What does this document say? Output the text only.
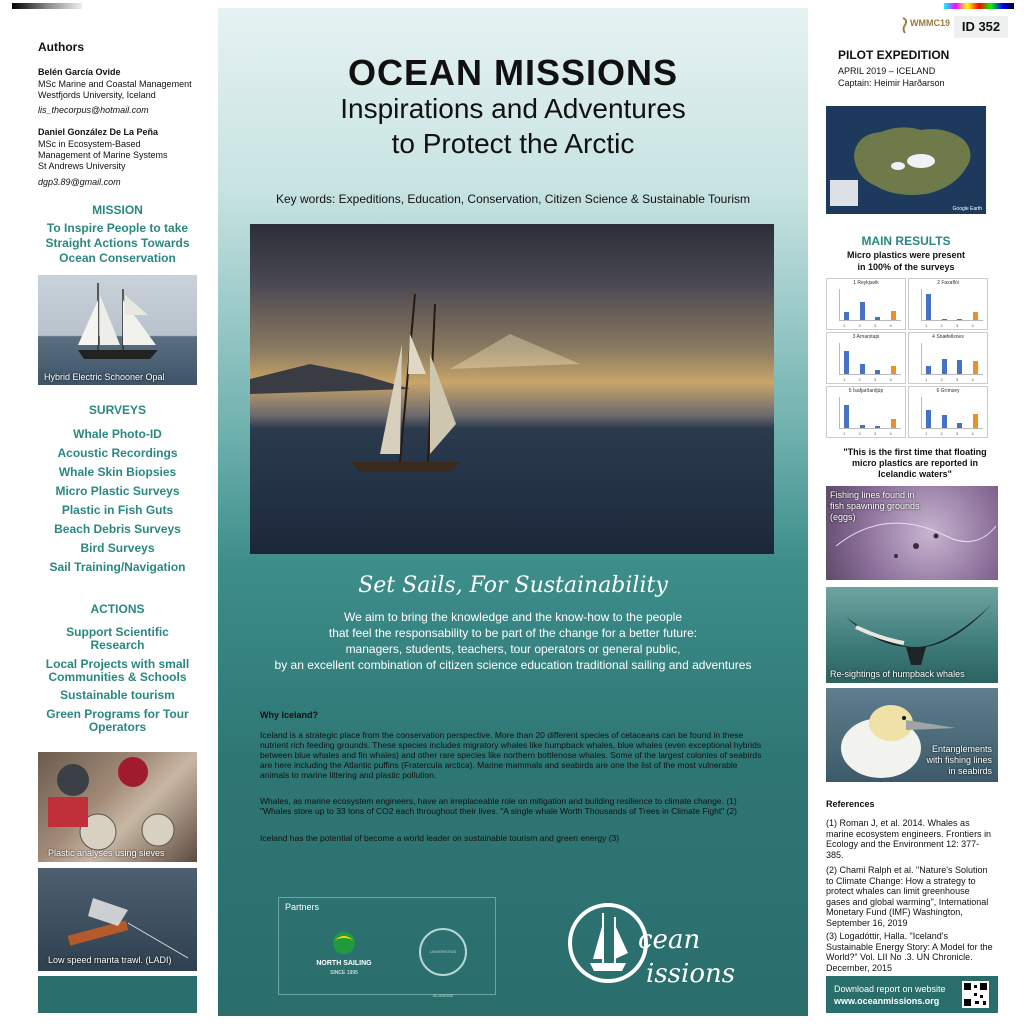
Authors
Belén García Ovide
MSc Marine and Coastal Management
Westfjords University, Iceland
lis_thecorpus@hotmail.com
Daniel González De La Peña
MSc in Ecosystem-Based
Management of Marine Systems
St Andrews University
dgp3.89@gmail.com
MISSION
To Inspire People to take Straight Actions Towards Ocean Conservation
Hybrid Electric Schooner Opal
SURVEYS
Whale Photo-ID
Acoustic Recordings
Whale Skin Biopsies
Micro Plastic Surveys
Plastic in Fish Guts
Beach Debris Surveys
Bird Surveys
Sail Training/Navigation
ACTIONS
Support Scientific Research
Local Projects with small Communities & Schools
Sustainable tourism
Green Programs for Tour Operators
Plastic analyses using sieves
Low speed manta trawl. (LADI)
OCEAN MISSIONS
Inspirations and Adventures
to Protect the Arctic
Key words: Expeditions, Education, Conservation, Citizen Science & Sustainable Tourism
Set Sails, For Sustainability
We aim to bring the knowledge and the know-how to the people
that feel the responsability to be part of the change for a better future:
managers, students, teachers, tour operators or general public,
by an excellent combination of citizen science education traditional sailing and adventures
Why Iceland?
Iceland is a strategic place from the conservation perspective. More than 20 different species of cetaceans can be found in these nutrient rich feeding grounds. These species includes migratory whales like humpback whales, blue whales (even exceptional hybrids between blue whales and fin whales) and other rare species like northern bottlenose whales. Some of the largest colonies of seabirds are here including the Atlantic puffins (Fratercula arctica). Marine mammals and seabirds are one the list of the most vulnerable animals to marine littering and plastic pollution.
Whales, as marine ecosystem engineers, have an irreplaceable role on mitigation and building resilience to climate change. (1) "Whales store up to 33 tons of CO2 each throughout their lives. "A single whale Worth Thousands of Trees in Climate Fight" (2)
Iceland has the potential of become a world leader on sustainable tourism and green energy (3)
Partners
NORTH SAILING
SINCE 1995
UNIVERSITAS ISLANDIAE
cean
issions
WMMC19 ID 352
PILOT EXPEDITION
APRIL 2019 – ICELAND
Captain: Heimir Harðarson
Google Earth
MAIN RESULTS
Micro plastics were present
in 100% of the surveys
1 Reykjavik
1	2	3	4
2 Faxaflói
1	2	3	4
3 Arnarstapi
1	2	3	4
4 Snæfellsnes
1	2	3	4
5 Ísafjarðardjúp
1	2	3	4
6 Grímsey
1	2	3	4
"This is the first time that floating micro plastics are reported in Icelandic waters"
Fishing lines found in fish spawning grounds (eggs)
Re-sightings of humpback whales
Entanglements with fishing lines in seabirds
References
(1) Roman J, et al. 2014. Whales as marine ecosystem engineers. Frontiers in Ecology and the Environment 12: 377-385.
(2) Chami Ralph et al. "Nature's Solution to Climate Change: How a strategy to protect whales can limit greenhouse gases and global warming", International Monetary Fund (IMF) Washington, September 16, 2019
(3) Logadóttir, Halla. "Iceland's Sustainable Energy Story: A Model for the World?" Vol. LII No .3. UN Chronicle. December, 2015
Download report on website
www.oceanmissions.org
